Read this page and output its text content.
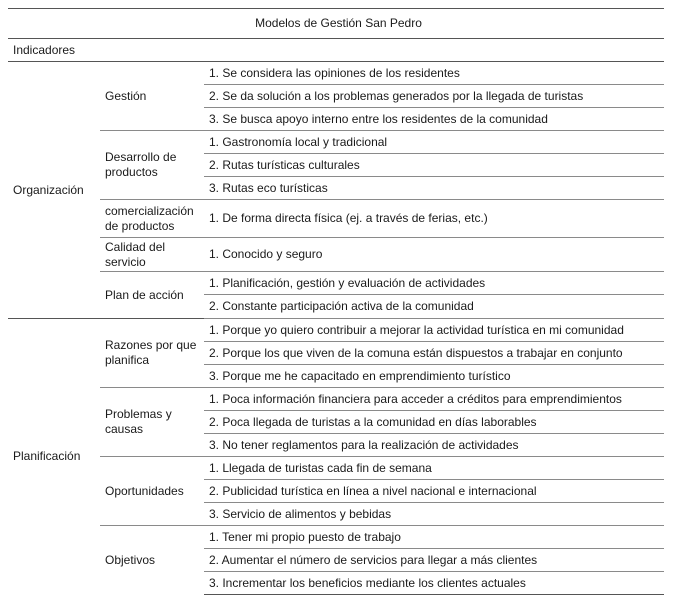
Modelos de Gestión San Pedro		
Indicadores		
Organización	Gestión	1. Se considera las opiniones de los residentes
		2. Se da solución a los problemas generados por la llegada de turistas
		3. Se busca apoyo interno entre los residentes de la comunidad
	Desarrollo de productos	1. Gastronomía local y tradicional
		2. Rutas turísticas culturales
		3. Rutas eco turísticas
	comercialización de productos	1. De forma directa física (ej. a través de ferias, etc.)
	Calidad del servicio	1. Conocido y seguro
	Plan de acción	1. Planificación, gestión y evaluación de actividades
		2. Constante participación activa de la comunidad
Planificación	Razones por que planifica	1. Porque yo quiero contribuir a mejorar la actividad turística en mi comunidad
		2. Porque los que viven de la comuna están dispuestos a trabajar en conjunto
		3. Porque me he capacitado en emprendimiento turístico
	Problemas y causas	1. Poca información financiera para acceder a créditos para emprendimientos
		2. Poca llegada de turistas a la comunidad en días laborables
		3. No tener reglamentos para la realización de actividades
	Oportunidades	1. Llegada de turistas cada fin de semana
		2. Publicidad turística en línea a nivel nacional e internacional
		3. Servicio de alimentos y bebidas
	Objetivos	1. Tener mi propio puesto de trabajo
		2. Aumentar el número de servicios para llegar a más clientes
		3. Incrementar los beneficios mediante los clientes actuales
